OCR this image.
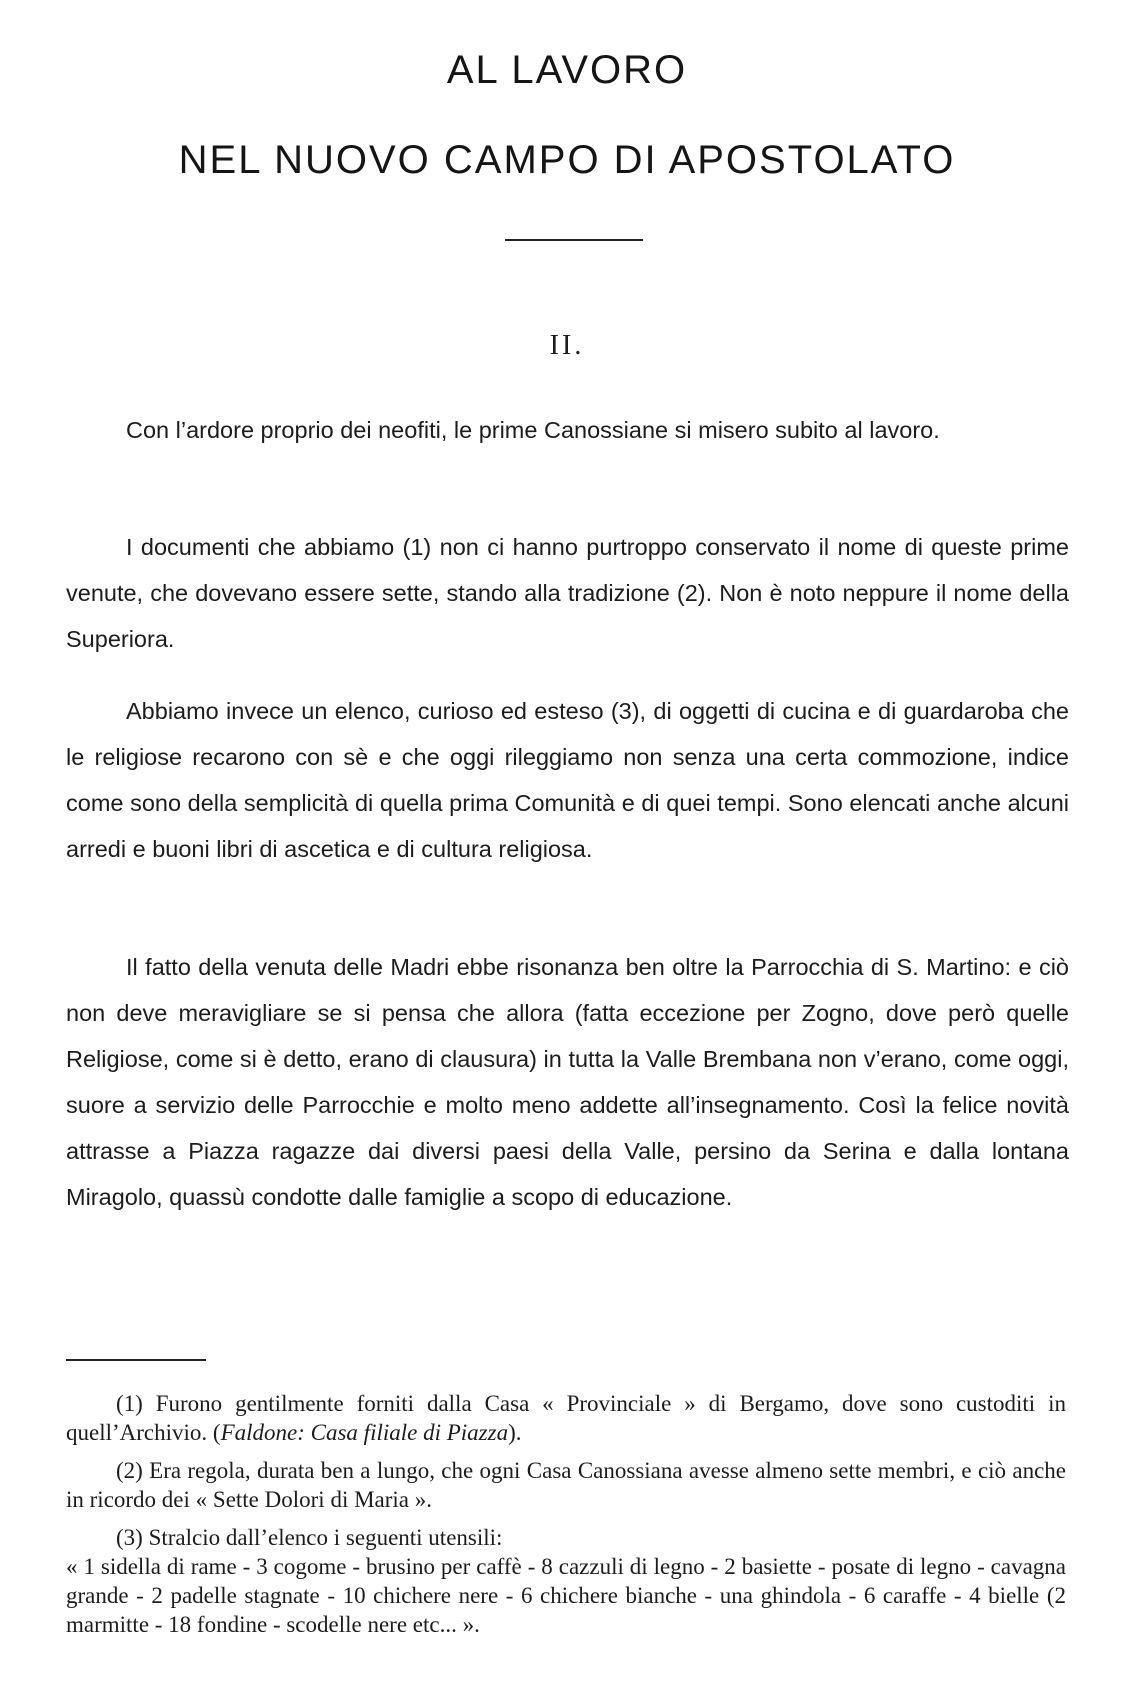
AL LAVORO
NEL NUOVO CAMPO DI APOSTOLATO
II.

Con l’ardore proprio dei neofiti, le prime Canossiane si misero subito al lavoro.

I documenti che abbiamo (1) non ci hanno purtroppo conservato il nome di queste prime venute, che dovevano essere sette, stando alla tradizione (2). Non è noto neppure il nome della Superiora.

Abbiamo invece un elenco, curioso ed esteso (3), di oggetti di cucina e di guardaroba che le religiose recarono con sè e che oggi rileggiamo non senza una certa commozione, indice come sono della semplicità di quella prima Comunità e di quei tempi. Sono elencati anche alcuni arredi e buoni libri di ascetica e di cultura religiosa.

Il fatto della venuta delle Madri ebbe risonanza ben oltre la Parrocchia di S. Martino: e ciò non deve meravigliare se si pensa che allora (fatta eccezione per Zogno, dove però quelle Religiose, come si è detto, erano di clausura) in tutta la Valle Brembana non v’erano, come oggi, suore a servizio delle Parrocchie e molto meno addette all’insegnamento. Così la felice novità attrasse a Piazza ragazze dai diversi paesi della Valle, persino da Serina e dalla lontana Miragolo, quassù condotte dalle famiglie a scopo di educazione.

(1) Furono gentilmente forniti dalla Casa « Provinciale » di Bergamo, dove sono custoditi in quell’Archivio. (Faldone: Casa filiale di Piazza).

(2) Era regola, durata ben a lungo, che ogni Casa Canossiana avesse almeno sette membri, e ciò anche in ricordo dei « Sette Dolori di Maria ».

(3) Stralcio dall’elenco i seguenti utensili:

« 1 sidella di rame - 3 cogome - brusino per caffè - 8 cazzuli di legno - 2 basiette - posate di legno - cavagna grande - 2 padelle stagnate - 10 chichere nere - 6 chichere bianche - una ghindola - 6 caraffe - 4 bielle (2 marmitte - 18 fondine - scodelle nere etc... ».
